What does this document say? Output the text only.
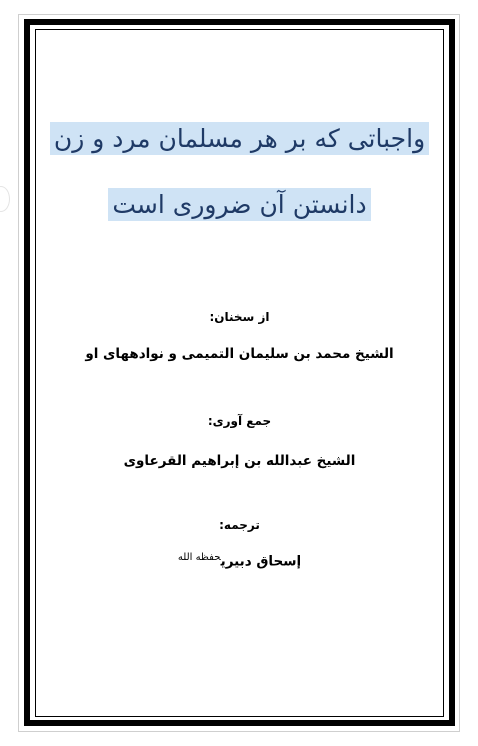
واجباتی که بر هر مسلمان مرد و زن
دانستن آن ضروری است
از سخنان:
الشیخ محمد بن سلیمان التمیمی و نوادههای او
جمع آوری:
الشیخ عبدالله بن إبراهیم القرعاوی
ترجمه:
إسحاق دبیری$^{حفظه الله}$
